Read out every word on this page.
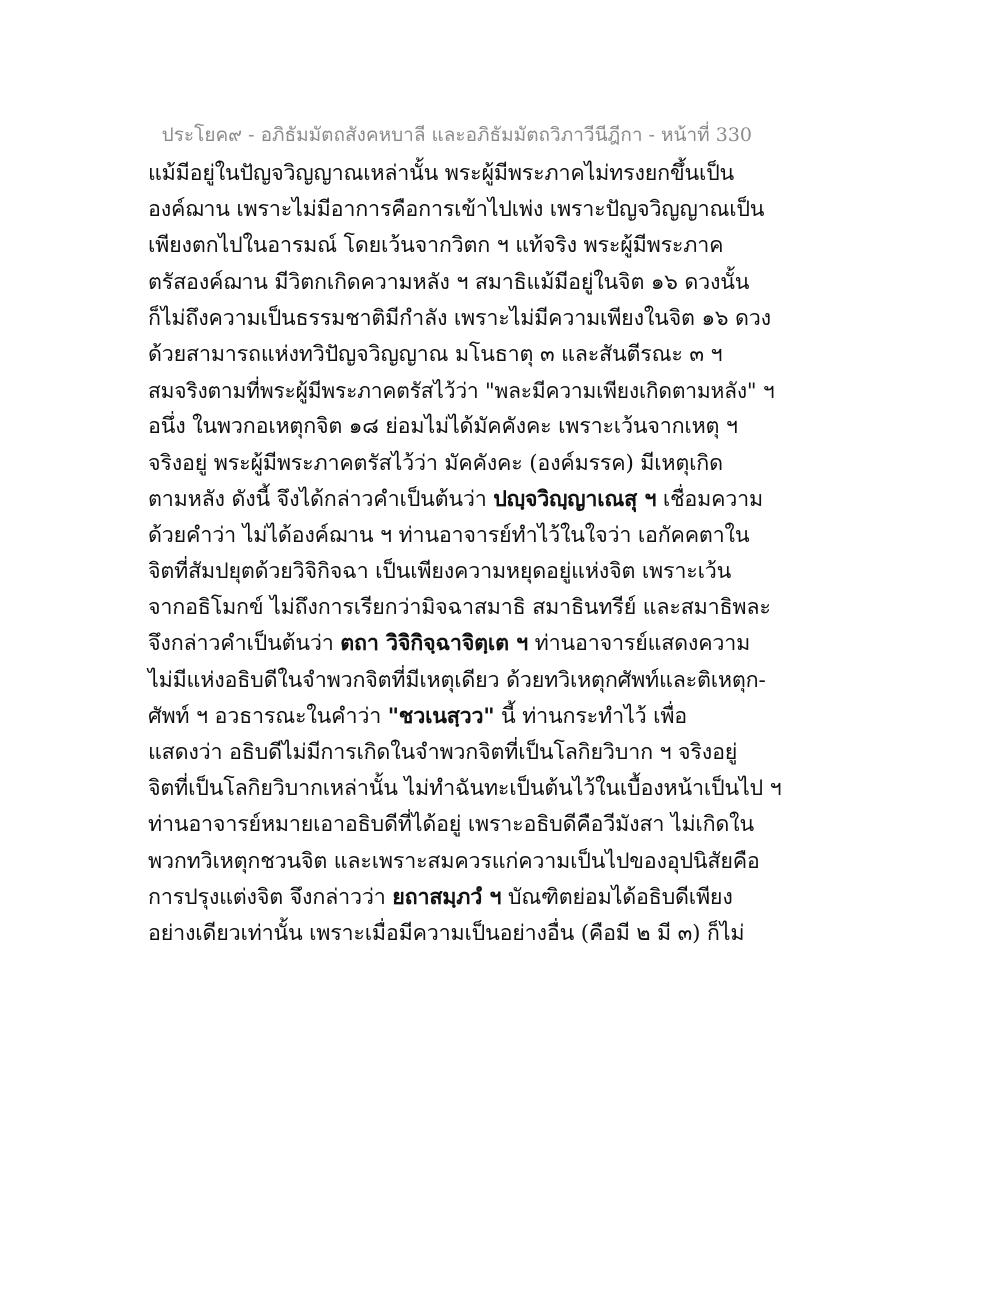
ประโยค๙ - อภิธัมมัตถสังคหบาลี และอภิธัมมัตถวิภาวีนีฎีกา - หน้าที่ 330
แม้มีอยู่ในปัญจวิญญาณเหล่านั้น พระผู้มีพระภาคไม่ทรงยกขึ้นเป็น
องค์ฌาน เพราะไม่มีอาการคือการเข้าไปเพ่ง เพราะปัญจวิญญาณเป็น
เพียงตกไปในอารมณ์ โดยเว้นจากวิตก ฯ แท้จริง พระผู้มีพระภาค
ตรัสองค์ฌาน มีวิตกเกิดความหลัง ฯ สมาธิแม้มีอยู่ในจิต ๑๖ ดวงนั้น
ก็ไม่ถึงความเป็นธรรมชาติมีกำลัง เพราะไม่มีความเพียงในจิต ๑๖ ดวง
ด้วยสามารถแห่งทวิปัญจวิญญาณ มโนธาตุ ๓ และสันตีรณะ ๓ ฯ
สมจริงตามที่พระผู้มีพระภาคตรัสไว้ว่า "พละมีความเพียงเกิดตามหลัง" ฯ
อนึ่ง ในพวกอเหตุกจิต ๑๘ ย่อมไม่ได้มัคคังคะ เพราะเว้นจากเหตุ ฯ
จริงอยู่ พระผู้มีพระภาคตรัสไว้ว่า มัคคังคะ (องค์มรรค) มีเหตุเกิด
ตามหลัง ดังนี้ จึงได้กล่าวคำเป็นต้นว่า ปญฺจวิญฺญาเณสุ ฯ เชื่อมความ
ด้วยคำว่า ไม่ได้องค์ฌาน ฯ ท่านอาจารย์ทำไว้ในใจว่า เอกัคคตาใน
จิตที่สัมปยุตด้วยวิจิกิจฉา เป็นเพียงความหยุดอยู่แห่งจิต เพราะเว้น
จากอธิโมกข์ ไม่ถึงการเรียกว่ามิจฉาสมาธิ สมาธินทรีย์ และสมาธิพละ
จึงกล่าวคำเป็นต้นว่า ตถา วิจิกิจฺฉาจิตฺเต ฯ ท่านอาจารย์แสดงความ
ไม่มีแห่งอธิบดีในจำพวกจิตที่มีเหตุเดียว ด้วยทวิเหตุกศัพท์และติเหตุก-
ศัพท์ ฯ อวธารณะในคำว่า "ชวเนสฺวว" นี้ ท่านกระทำไว้ เพื่อ
แสดงว่า อธิบดีไม่มีการเกิดในจำพวกจิตที่เป็นโลกิยวิบาก ฯ จริงอยู่
จิตที่เป็นโลกิยวิบากเหล่านั้น ไม่ทำฉันทะเป็นต้นไว้ในเบื้องหน้าเป็นไป ฯ
ท่านอาจารย์หมายเอาอธิบดีที่ได้อยู่ เพราะอธิบดีคือวีมังสา ไม่เกิดใน
พวกทวิเหตุกชวนจิต และเพราะสมควรแก่ความเป็นไปของอุปนิสัยคือ
การปรุงแต่งจิต จึงกล่าวว่า ยถาสมฺภวํ ฯ บัณฑิตย่อมได้อธิบดีเพียง
อย่างเดียวเท่านั้น เพราะเมื่อมีความเป็นอย่างอื่น (คือมี ๒ มี ๓) ก็ไม่
